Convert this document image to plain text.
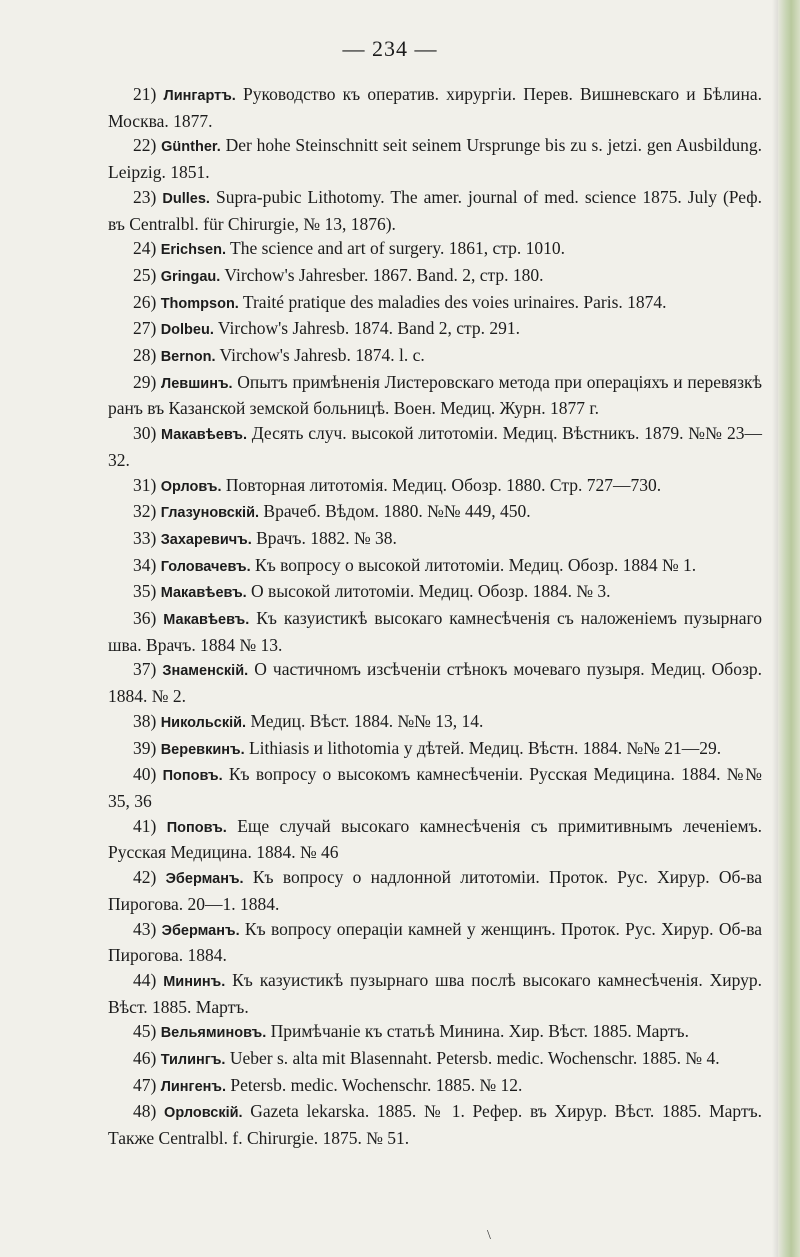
— 234 —

21) Лингартъ. Руководство къ оператив. хирургіи. Перев. Вишневскаго и Бѣлина. Москва. 1877.

22) Günther. Der hohe Steinschnitt seit seinem Ursprunge bis zu s. jetzi. gen Ausbildung. Leipzig. 1851.

23) Dulles. Supra-pubic Lithotomy. The amer. journal of med. science 1875. July (Реф. въ Centralbl. für Chirurgie, № 13, 1876).

24) Erichsen. The science and art of surgery. 1861, стр. 1010.

25) Gringau. Virchow's Jahresber. 1867. Band. 2, стр. 180.

26) Thompson. Traité pratique des maladies des voies urinaires. Paris. 1874.

27) Dolbeu. Virchow's Jahresb. 1874. Band 2, стр. 291.

28) Bernon. Virchow's Jahresb. 1874. l. c.

29) Левшинъ. Опытъ примѣненія Листеровскаго метода при операціяхъ и перевязкѣ ранъ въ Казанской земской больницѣ. Воен. Медиц. Журн. 1877 г.

30) Макавѣевъ. Десять случ. высокой литотоміи. Медиц. Вѣстникъ. 1879. №№ 23—32.

31) Орловъ. Повторная литотомія. Медиц. Обозр. 1880. Стр. 727—730.

32) Глазуновскій. Врачеб. Вѣдом. 1880. №№ 449, 450.

33) Захаревичъ. Врачъ. 1882. № 38.

34) Головачевъ. Къ вопросу о высокой литотоміи. Медиц. Обозр. 1884 № 1.

35) Макавѣевъ. О высокой литотоміи. Медиц. Обозр. 1884. № 3.

36) Макавѣевъ. Къ казуистикѣ высокаго камнесѣченія съ наложеніемъ пузырнаго шва. Врачъ. 1884 № 13.

37) Знаменскій. О частичномъ изсѣченіи стѣнокъ мочеваго пузыря. Медиц. Обозр. 1884. № 2.

38) Никольскій. Медиц. Вѣст. 1884. №№ 13, 14.

39) Веревкинъ. Lithiasis и lithotomia у дѣтей. Медиц. Вѣстн. 1884. №№ 21—29.

40) Поповъ. Къ вопросу о высокомъ камнесѣченіи. Русская Медицина. 1884. №№ 35, 36

41) Поповъ. Еще случай высокаго камнесѣченія съ примитивнымъ леченіемъ. Русская Медицина. 1884. № 46

42) Эберманъ. Къ вопросу о надлонной литотоміи. Проток. Рус. Хирур. Об-ва Пирогова. 20—1. 1884.

43) Эберманъ. Къ вопросу операціи камней у женщинъ. Проток. Рус. Хирур. Об-ва Пирогова. 1884.

44) Мининъ. Къ казуистикѣ пузырнаго шва послѣ высокаго камнесѣченія. Хирур. Вѣст. 1885. Мартъ.

45) Вельяминовъ. Примѣчаніе къ статьѣ Минина. Хир. Вѣст. 1885. Мартъ.

46) Тилингъ. Ueber s. alta mit Blasennaht. Petersb. medic. Wochenschr. 1885. № 4.

47) Лингенъ. Petersb. medic. Wochenschr. 1885. № 12.

48) Орловскій. Gazeta lekarska. 1885. № 1. Рефер. въ Хирур. Вѣст. 1885. Мартъ. Также Centralbl. f. Chirurgie. 1875. № 51.

\
